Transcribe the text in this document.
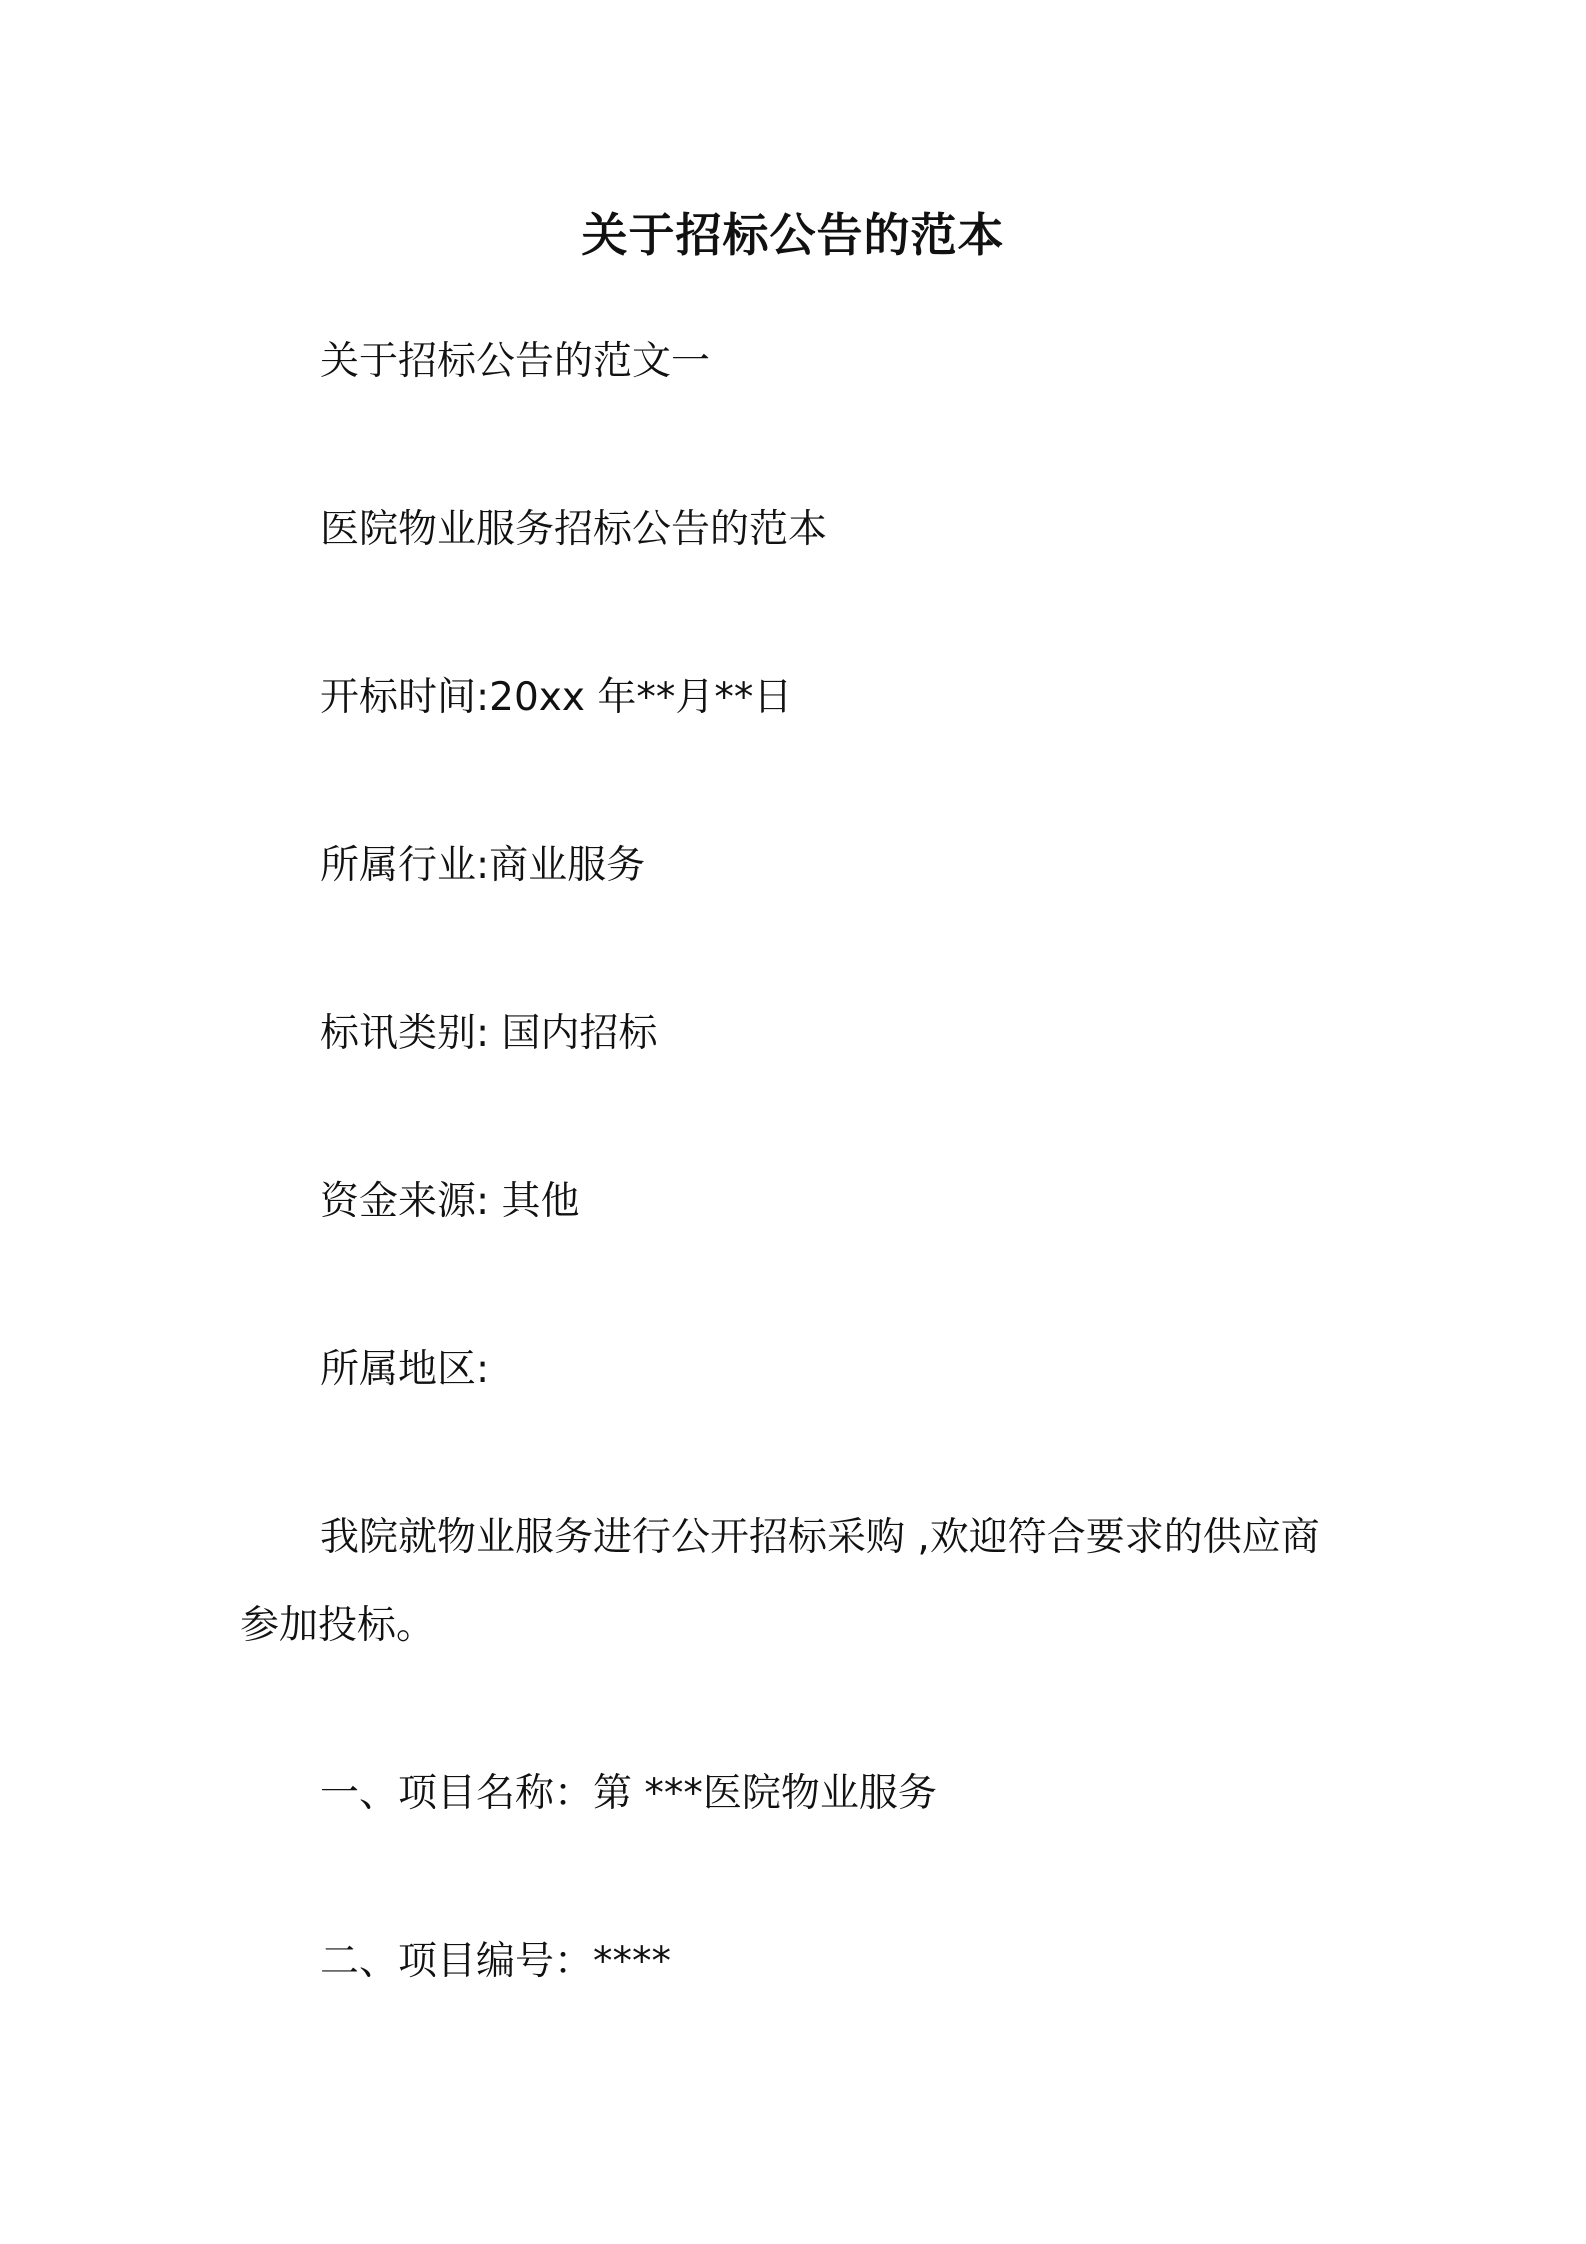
关于招标公告的范本
关于招标公告的范文一
医院物业服务招标公告的范本
开标时间:20xx 年**月**日
所属行业:商业服务
标讯类别: 国内招标
资金来源: 其他
所属地区:
我院就物业服务进行公开招标采购 ,欢迎符合要求的供应商
参加投标。
一、项目名称：第 ***医院物业服务
二、项目编号：****
